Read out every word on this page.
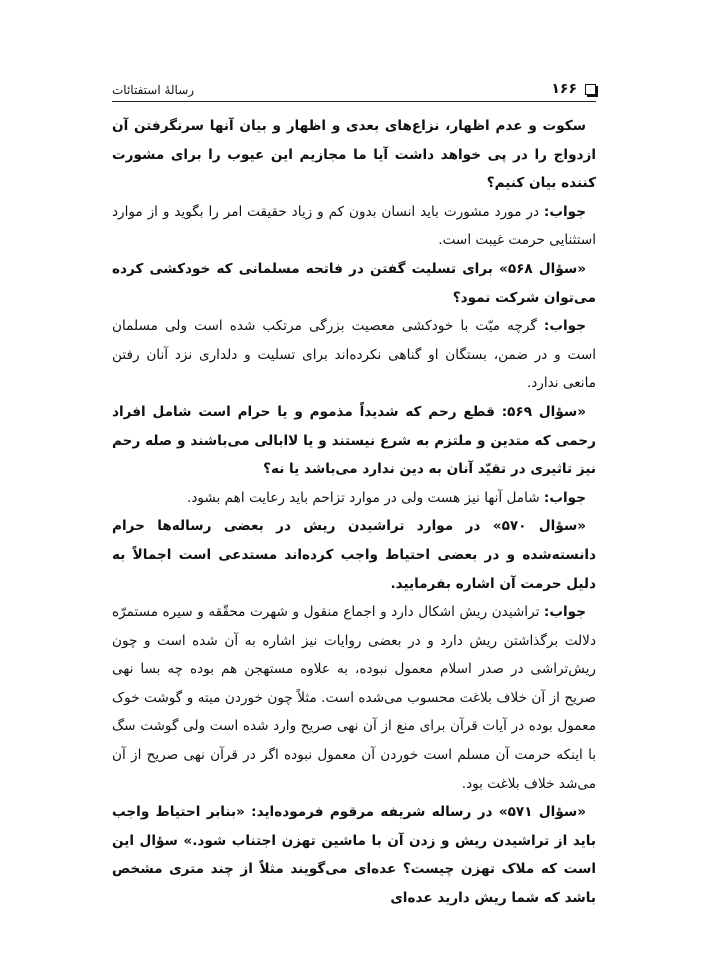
۱۶۶
رسالهٔ استفتائات

سکوت و عدم اظهار، نزاع‌های بعدی و اظهار و بیان آنها سرنگرفتن آن ازدواج را در پی خواهد داشت آیا ما مجازیم این عیوب را برای مشورت کننده بیان کنیم؟

جواب: در مورد مشورت باید انسان بدون کم و زیاد حقیقت امر را بگوید و از موارد استثنایی حرمت غیبت است.

«سؤال ۵۶۸» برای تسلیت گفتن در فاتحه مسلمانی که خودکشی کرده می‌توان شرکت نمود؟

جواب: گرچه میّت با خودکشی معصیت بزرگی مرتکب شده است ولی مسلمان است و در ضمن، بستگان او گناهی نکرده‌اند برای تسلیت و دلداری نزد آنان رفتن مانعی ندارد.

«سؤال ۵۶۹: قطع رحم که شدیداً مذموم و یا حرام است شامل افراد رحمی که متدین و ملتزم به شرع نیستند و یا لاابالی می‌باشند و صله رحم نیز تاثیری در تقیّد آنان به دین ندارد می‌باشد یا نه؟

جواب: شامل آنها نیز هست ولی در موارد تزاحم باید رعایت اهم بشود.

«سؤال ۵۷۰» در موارد تراشیدن ریش در بعضی رساله‌ها حرام دانسته‌شده و در بعضی احتیاط واجب کرده‌اند مستدعی است اجمالاً به دلیل حرمت آن اشاره بفرمایید.

جواب: تراشیدن ریش اشکال دارد و اجماع منقول و شهرت محقّقه و سیره مستمرّه دلالت برگذاشتن ریش دارد و در بعضی روایات نیز اشاره به آن شده است و چون ریش‌تراشی در صدر اسلام معمول نبوده، به علاوه مستهجن هم بوده چه بسا نهی صریح از آن خلاف بلاغت محسوب می‌شده است. مثلاً چون خوردن میته و گوشت خوک معمول بوده در آیات قرآن برای منع از آن نهی صریح وارد شده است ولی گوشت سگ با اینکه حرمت آن مسلم است خوردن آن معمول نبوده اگر در قرآن نهی صریح از آن می‌شد خلاف بلاغت بود.

«سؤال ۵۷۱» در رساله شریفه مرقوم فرموده‌اید: «بنابر احتیاط واجب باید از تراشیدن ریش و زدن آن با ماشین تهزن اجتناب شود.» سؤال این است که ملاک تهزن چیست؟ عده‌ای می‌گویند مثلاً از چند متری مشخص باشد که شما ریش دارید عده‌ای
